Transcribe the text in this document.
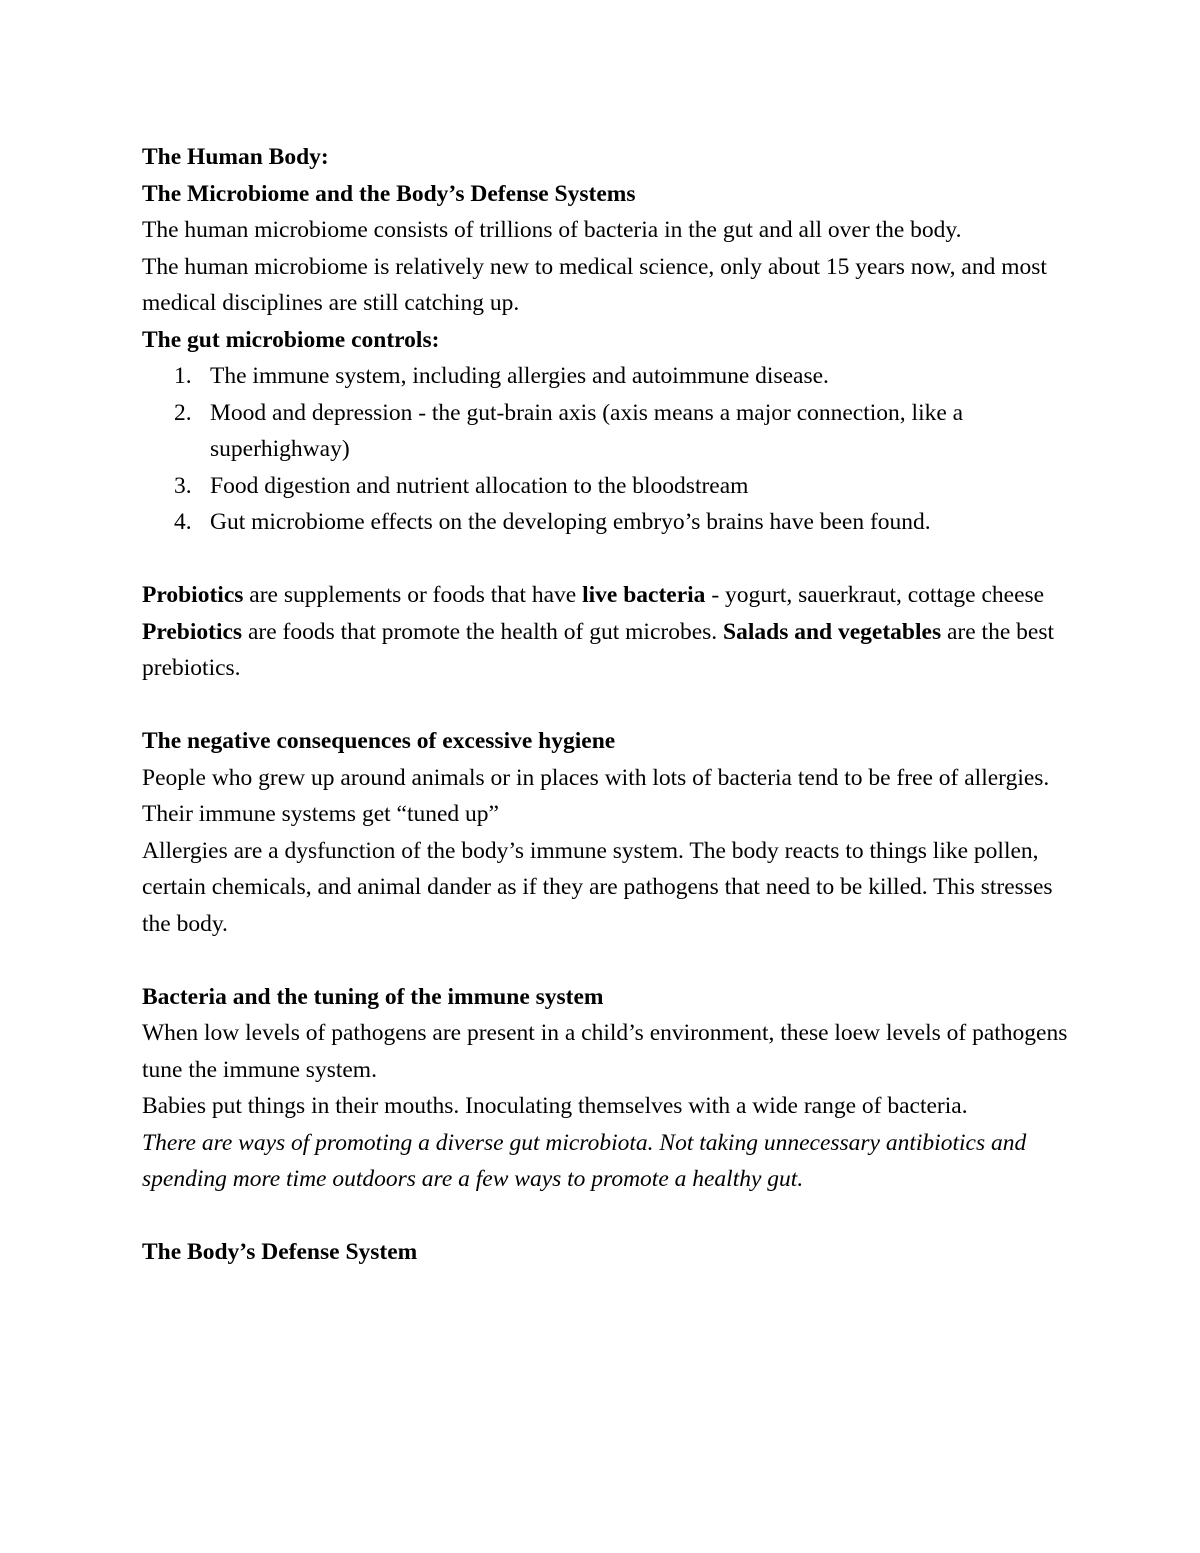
The Human Body:

The Microbiome and the Body’s Defense Systems

The human microbiome consists of trillions of bacteria in the gut and all over the body.

The human microbiome is relatively new to medical science, only about 15 years now, and most medical disciplines are still catching up.

The gut microbiome controls:

1. The immune system, including allergies and autoimmune disease.
2. Mood and depression - the gut-brain axis (axis means a major connection, like a superhighway)
3. Food digestion and nutrient allocation to the bloodstream
4. Gut microbiome effects on the developing embryo’s brains have been found.

Probiotics are supplements or foods that have live bacteria - yogurt, sauerkraut, cottage cheese

Prebiotics are foods that promote the health of gut microbes. Salads and vegetables are the best prebiotics.

The negative consequences of excessive hygiene

People who grew up around animals or in places with lots of bacteria tend to be free of allergies. Their immune systems get “tuned up”

Allergies are a dysfunction of the body’s immune system. The body reacts to things like pollen, certain chemicals, and animal dander as if they are pathogens that need to be killed. This stresses the body.

Bacteria and the tuning of the immune system

When low levels of pathogens are present in a child’s environment, these loew levels of pathogens tune the immune system.

Babies put things in their mouths. Inoculating themselves with a wide range of bacteria.

There are ways of promoting a diverse gut microbiota. Not taking unnecessary antibiotics and spending more time outdoors are a few ways to promote a healthy gut.

The Body’s Defense System
